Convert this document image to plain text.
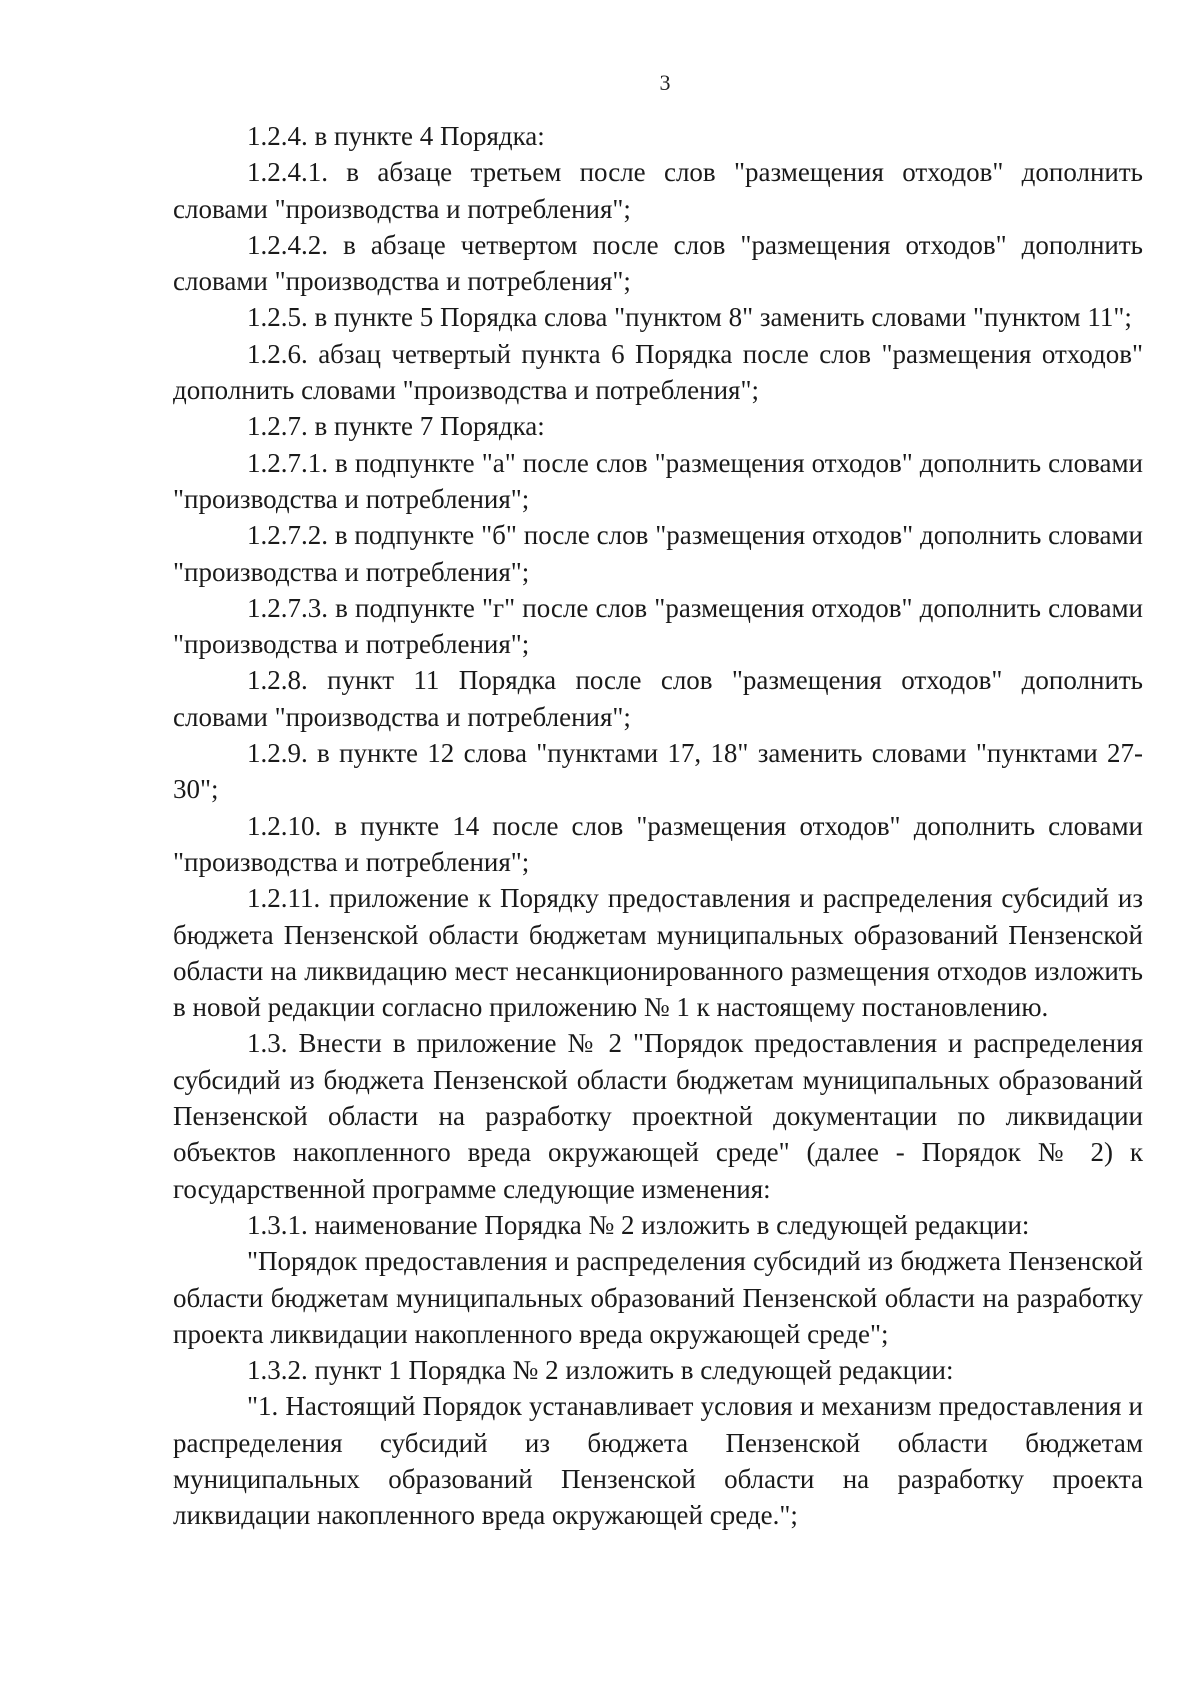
3

1.2.4. в пункте 4 Порядка:

1.2.4.1. в абзаце третьем после слов "размещения отходов" дополнить словами "производства и потребления";

1.2.4.2. в абзаце четвертом после слов "размещения отходов" дополнить словами "производства и потребления";

1.2.5. в пункте 5 Порядка слова "пунктом 8" заменить словами "пунктом 11";

1.2.6. абзац четвертый пункта 6 Порядка после слов "размещения отходов" дополнить словами "производства и потребления";

1.2.7. в пункте 7 Порядка:

1.2.7.1. в подпункте "а" после слов "размещения отходов" дополнить словами "производства и потребления";

1.2.7.2. в подпункте "б" после слов "размещения отходов" дополнить словами "производства и потребления";

1.2.7.3. в подпункте "г" после слов "размещения отходов" дополнить словами "производства и потребления";

1.2.8. пункт 11 Порядка после слов "размещения отходов" дополнить словами "производства и потребления";

1.2.9. в пункте 12 слова "пунктами 17, 18" заменить словами "пунктами 27-30";

1.2.10. в пункте 14 после слов "размещения отходов" дополнить словами "производства и потребления";

1.2.11. приложение к Порядку предоставления и распределения субсидий из бюджета Пензенской области бюджетам муниципальных образований Пензенской области на ликвидацию мест несанкционированного размещения отходов изложить в новой редакции согласно приложению № 1 к настоящему постановлению.

1.3. Внести в приложение № 2 "Порядок предоставления и распределения субсидий из бюджета Пензенской области бюджетам муниципальных образований Пензенской области на разработку проектной документации по ликвидации объектов накопленного вреда окружающей среде" (далее - Порядок № 2) к государственной программе следующие изменения:

1.3.1. наименование Порядка № 2 изложить в следующей редакции:

"Порядок предоставления и распределения субсидий из бюджета Пензенской области бюджетам муниципальных образований Пензенской области на разработку проекта ликвидации накопленного вреда окружающей среде";

1.3.2. пункт 1 Порядка № 2 изложить в следующей редакции:

"1. Настоящий Порядок устанавливает условия и механизм предоставления и распределения субсидий из бюджета Пензенской области бюджетам муниципальных образований Пензенской области на разработку проекта ликвидации накопленного вреда окружающей среде.";
